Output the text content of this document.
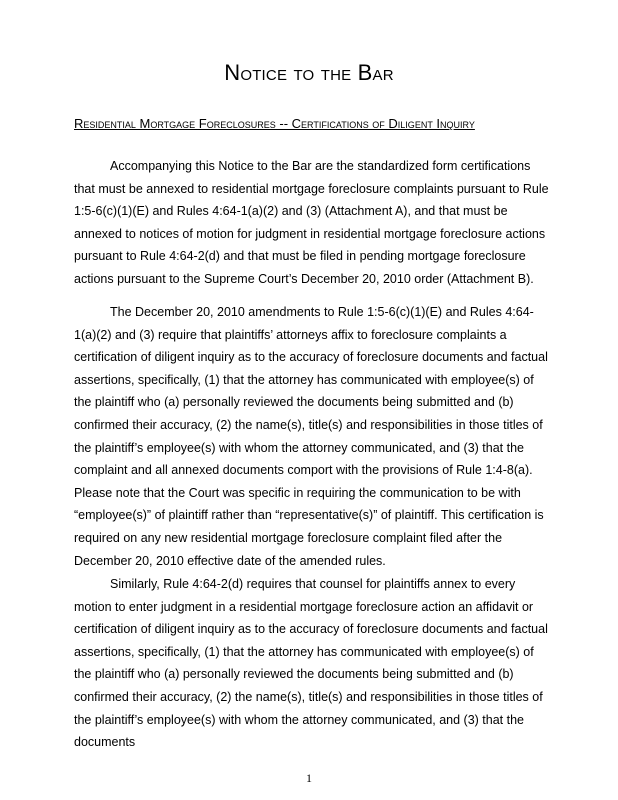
Notice to the Bar
Residential Mortgage Foreclosures -- Certifications of Diligent Inquiry

Accompanying this Notice to the Bar are the standardized form certifications that must be annexed to residential mortgage foreclosure complaints pursuant to Rule 1:5-6(c)(1)(E) and Rules 4:64-1(a)(2) and (3) (Attachment A), and that must be annexed to notices of motion for judgment in residential mortgage foreclosure actions pursuant to Rule 4:64-2(d) and that must be filed in pending mortgage foreclosure actions pursuant to the Supreme Court’s December 20, 2010 order (Attachment B).

The December 20, 2010 amendments to Rule 1:5-6(c)(1)(E) and Rules 4:64-1(a)(2) and (3) require that plaintiffs’ attorneys affix to foreclosure complaints a certification of diligent inquiry as to the accuracy of foreclosure documents and factual assertions, specifically, (1) that the attorney has communicated with employee(s) of the plaintiff who (a) personally reviewed the documents being submitted and (b) confirmed their accuracy, (2) the name(s), title(s) and responsibilities in those titles of the plaintiff’s employee(s) with whom the attorney communicated, and (3) that the complaint and all annexed documents comport with the provisions of Rule 1:4-8(a). Please note that the Court was specific in requiring the communication to be with “employee(s)” of plaintiff rather than “representative(s)” of plaintiff. This certification is required on any new residential mortgage foreclosure complaint filed after the December 20, 2010 effective date of the amended rules.

Similarly, Rule 4:64-2(d) requires that counsel for plaintiffs annex to every motion to enter judgment in a residential mortgage foreclosure action an affidavit or certification of diligent inquiry as to the accuracy of foreclosure documents and factual assertions, specifically, (1) that the attorney has communicated with employee(s) of the plaintiff who (a) personally reviewed the documents being submitted and (b) confirmed their accuracy, (2) the name(s), title(s) and responsibilities in those titles of the plaintiff’s employee(s) with whom the attorney communicated, and (3) that the documents

1
